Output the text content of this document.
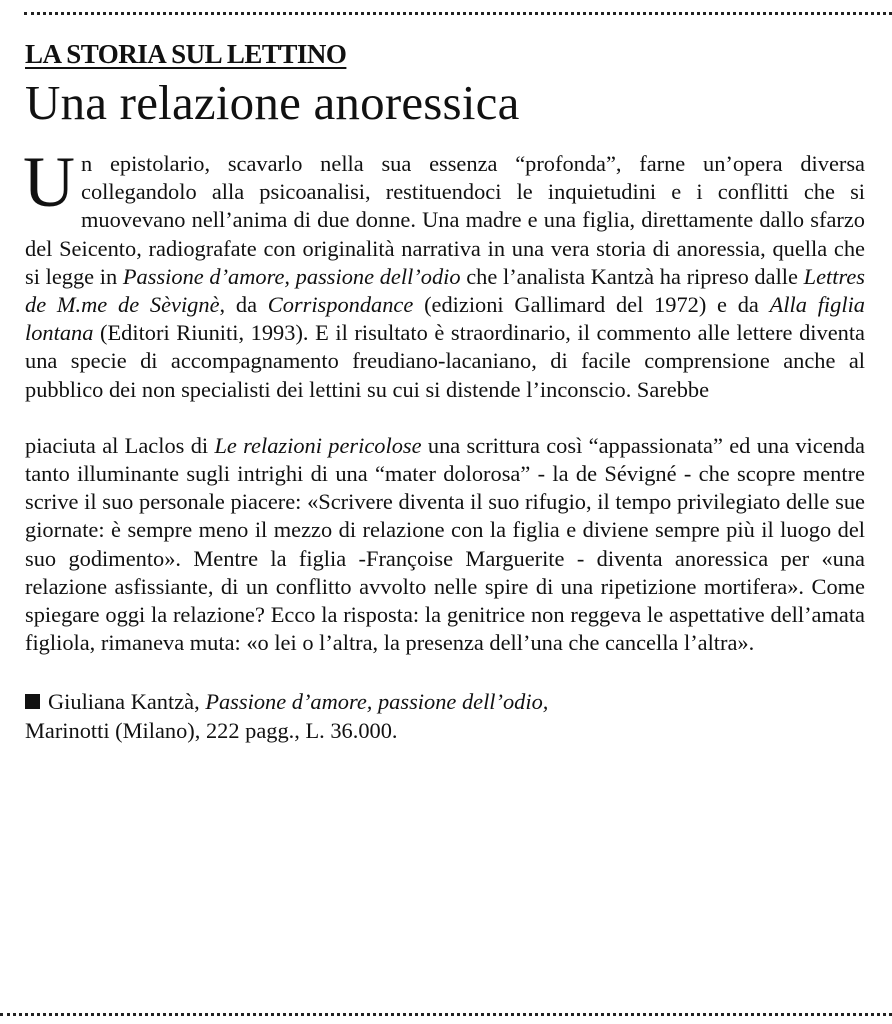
LA STORIA SUL LETTINO
Una relazione anoressica

Un epistolario, scavarlo nella sua essenza “profonda”, farne un’opera diversa collegandolo alla psicoanalisi, restituendoci le inquietudini e i conflitti che si muovevano nell’anima di due donne. Una madre e una figlia, direttamente dallo sfarzo del Seicento, radiografate con originalità narrativa in una vera storia di anoressia, quella che si legge in Passione d’amore, passione dell’odio che l’analista Kantzà ha ripreso dalle Lettres de M.me de Sèvignè, da Corrispondance (edizioni Gallimard del 1972) e da Alla figlia lontana (Editori Riuniti, 1993). E il risultato è straordinario, il commento alle lettere diventa una specie di accompagnamento freudiano-lacaniano, di facile comprensione anche al pubblico dei non specialisti dei lettini su cui si distende l’inconscio. Sarebbe

piaciuta al Laclos di Le relazioni pericolose una scrittura così “appassionata” ed una vicenda tanto illuminante sugli intrighi di una “mater dolorosa” - la de Sévigné - che scopre mentre scrive il suo personale piacere: «Scrivere diventa il suo rifugio, il tempo privilegiato delle sue giornate: è sempre meno il mezzo di relazione con la figlia e diviene sempre più il luogo del suo godimento». Mentre la figlia -Françoise Marguerite - diventa anoressica per «una relazione asfissiante, di un conflitto avvolto nelle spire di una ripetizione mortifera». Come spiegare oggi la relazione? Ecco la risposta: la genitrice non reggeva le aspettative dell’amata figliola, rimaneva muta: «o lei o l’altra, la presenza dell’una che cancella l’altra».

Giuliana Kantzà, Passione d’amore, passione dell’odio,
Marinotti (Milano), 222 pagg., L. 36.000.
